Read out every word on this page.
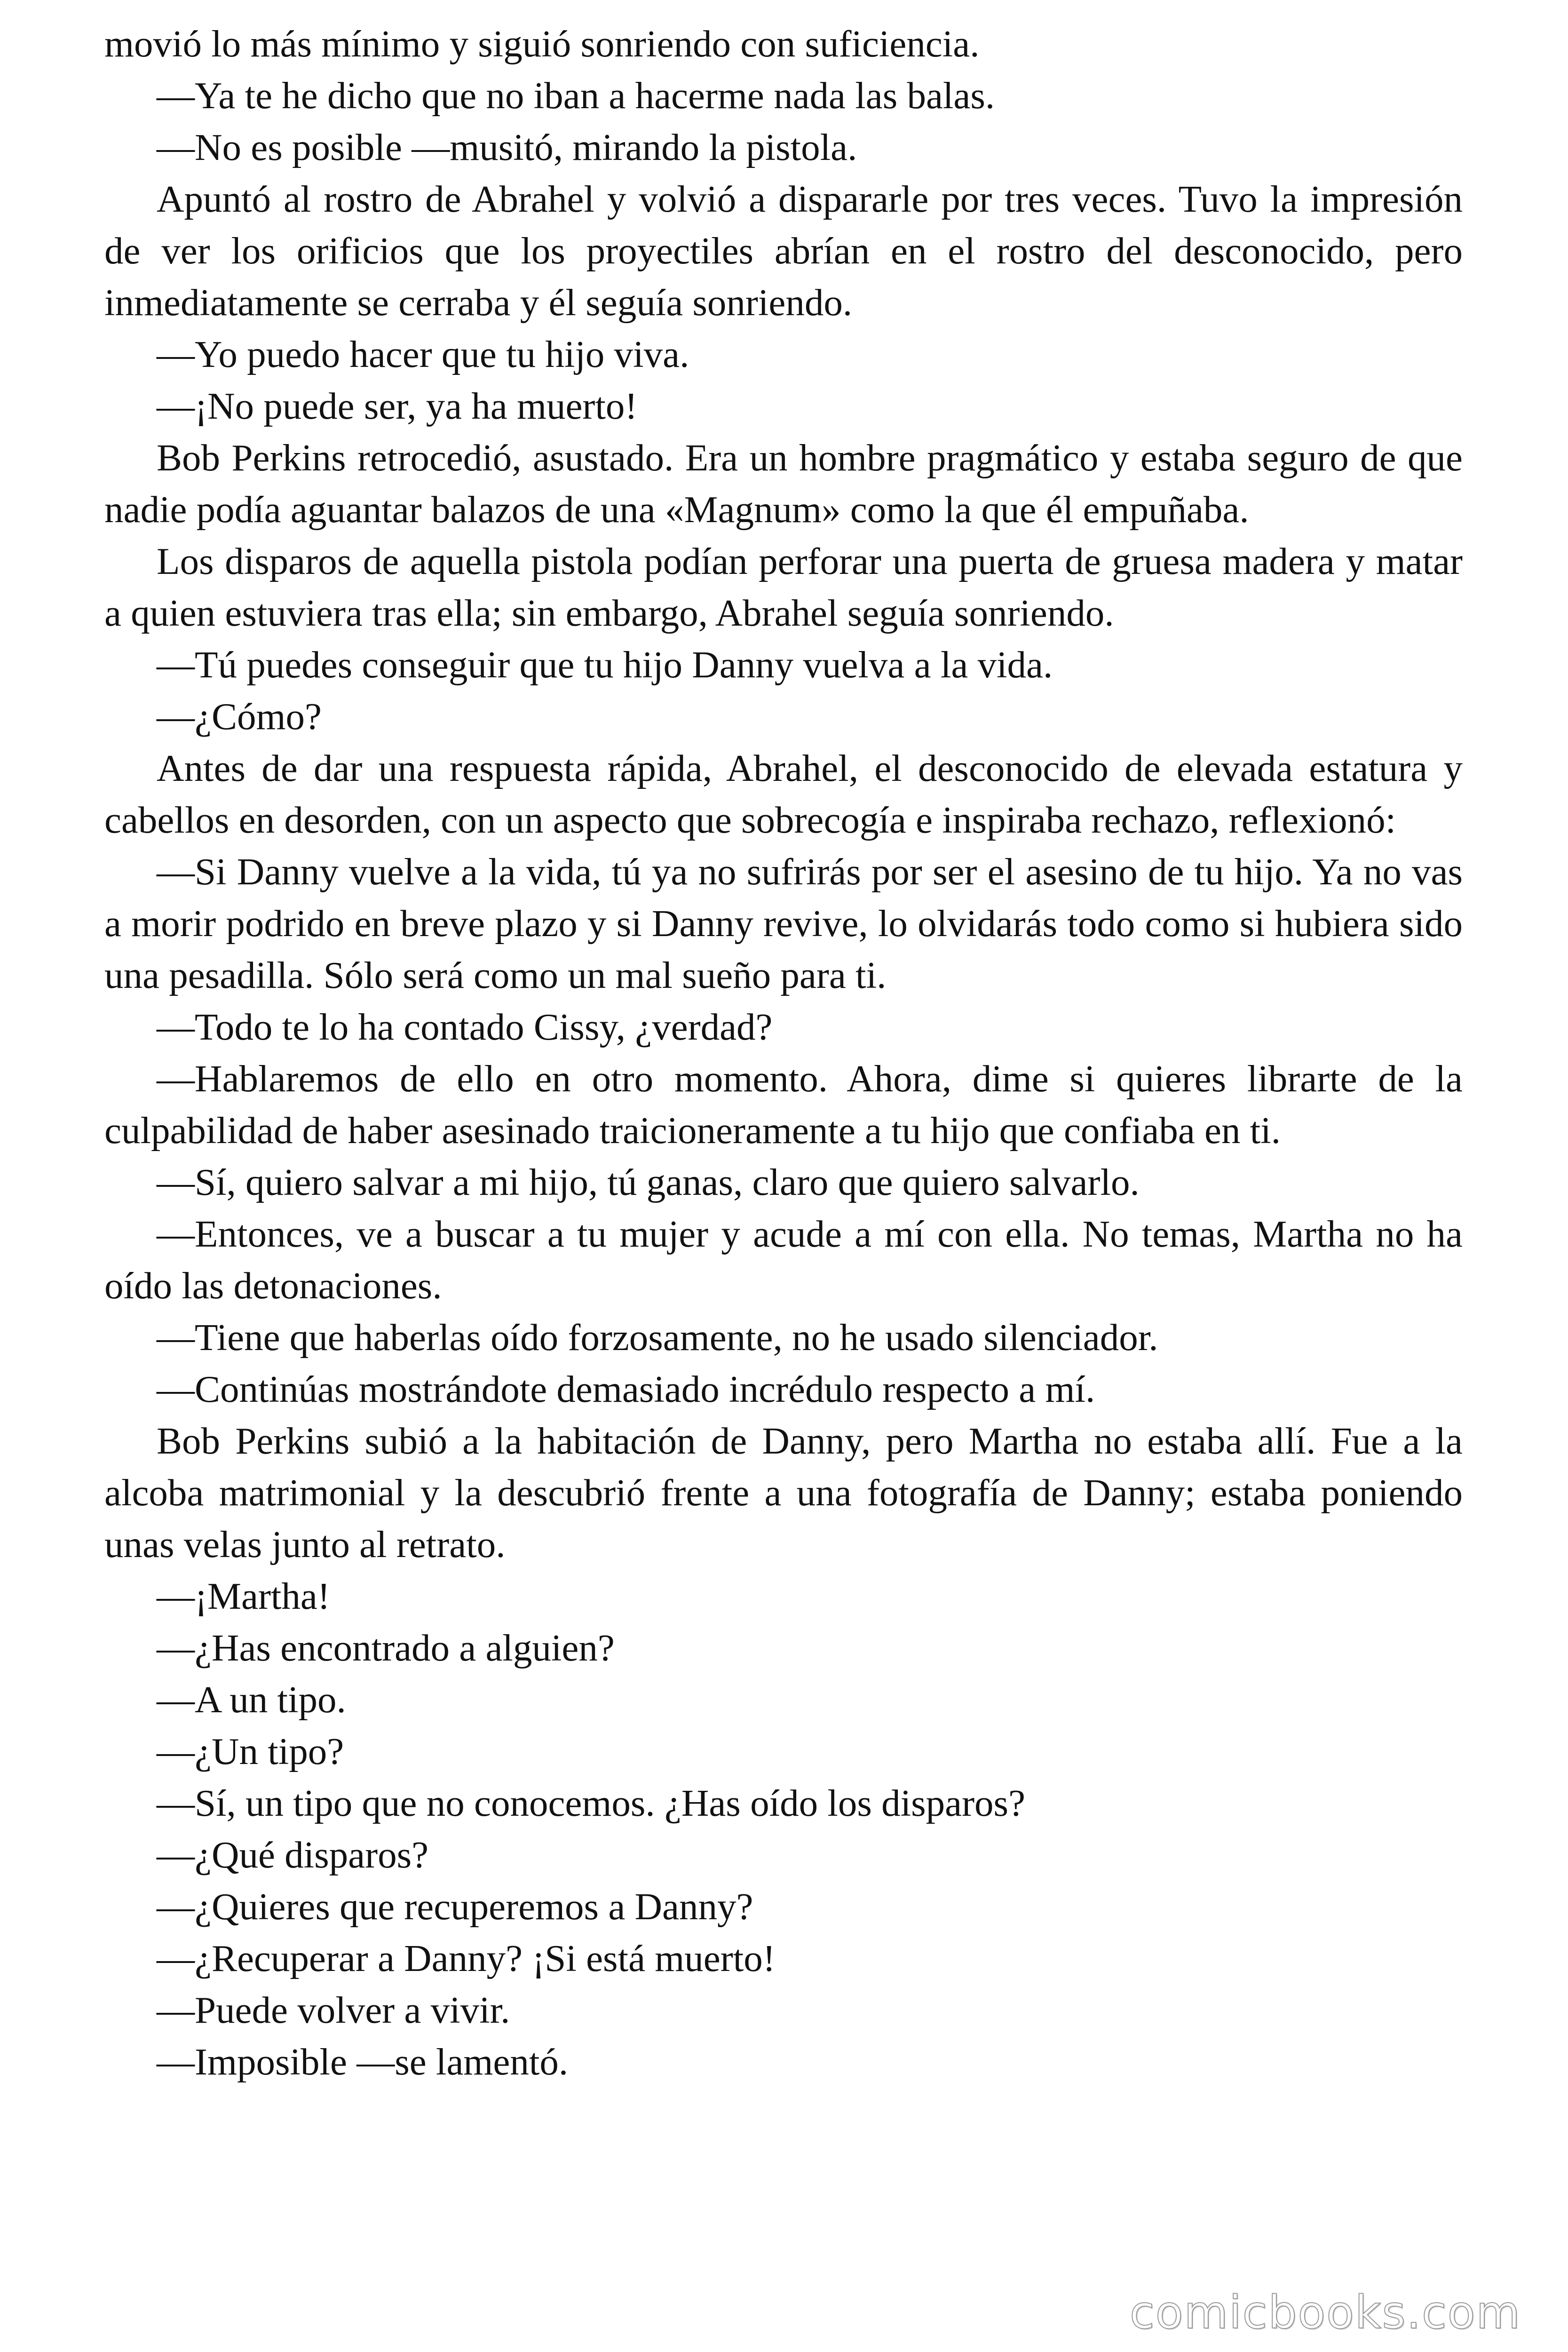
movió lo más mínimo y siguió sonriendo con suficiencia.

—Ya te he dicho que no iban a hacerme nada las balas.

—No es posible —musitó, mirando la pistola.

Apuntó al rostro de Abrahel y volvió a dispararle por tres veces. Tuvo la impresión de ver los orificios que los proyectiles abrían en el rostro del desconocido, pero inmediatamente se cerraba y él seguía sonriendo.

—Yo puedo hacer que tu hijo viva.

—¡No puede ser, ya ha muerto!

Bob Perkins retrocedió, asustado. Era un hombre pragmático y estaba seguro de que nadie podía aguantar balazos de una «Magnum» como la que él empuñaba.

Los disparos de aquella pistola podían perforar una puerta de gruesa madera y matar a quien estuviera tras ella; sin embargo, Abrahel seguía sonriendo.

—Tú puedes conseguir que tu hijo Danny vuelva a la vida.

—¿Cómo?

Antes de dar una respuesta rápida, Abrahel, el desconocido de elevada estatura y cabellos en desorden, con un aspecto que sobrecogía e inspiraba rechazo, reflexionó:

—Si Danny vuelve a la vida, tú ya no sufrirás por ser el asesino de tu hijo. Ya no vas a morir podrido en breve plazo y si Danny revive, lo olvidarás todo como si hubiera sido una pesadilla. Sólo será como un mal sueño para ti.

—Todo te lo ha contado Cissy, ¿verdad?

—Hablaremos de ello en otro momento. Ahora, dime si quieres librarte de la culpabilidad de haber asesinado traicioneramente a tu hijo que confiaba en ti.

—Sí, quiero salvar a mi hijo, tú ganas, claro que quiero salvarlo.

—Entonces, ve a buscar a tu mujer y acude a mí con ella. No temas, Martha no ha oído las detonaciones.

—Tiene que haberlas oído forzosamente, no he usado silenciador.

—Continúas mostrándote demasiado incrédulo respecto a mí.

Bob Perkins subió a la habitación de Danny, pero Martha no estaba allí. Fue a la alcoba matrimonial y la descubrió frente a una fotografía de Danny; estaba poniendo unas velas junto al retrato.

—¡Martha!

—¿Has encontrado a alguien?

—A un tipo.

—¿Un tipo?

—Sí, un tipo que no conocemos. ¿Has oído los disparos?

—¿Qué disparos?

—¿Quieres que recuperemos a Danny?

—¿Recuperar a Danny? ¡Si está muerto!

—Puede volver a vivir.

—Imposible —se lamentó.

comicbooks.com
